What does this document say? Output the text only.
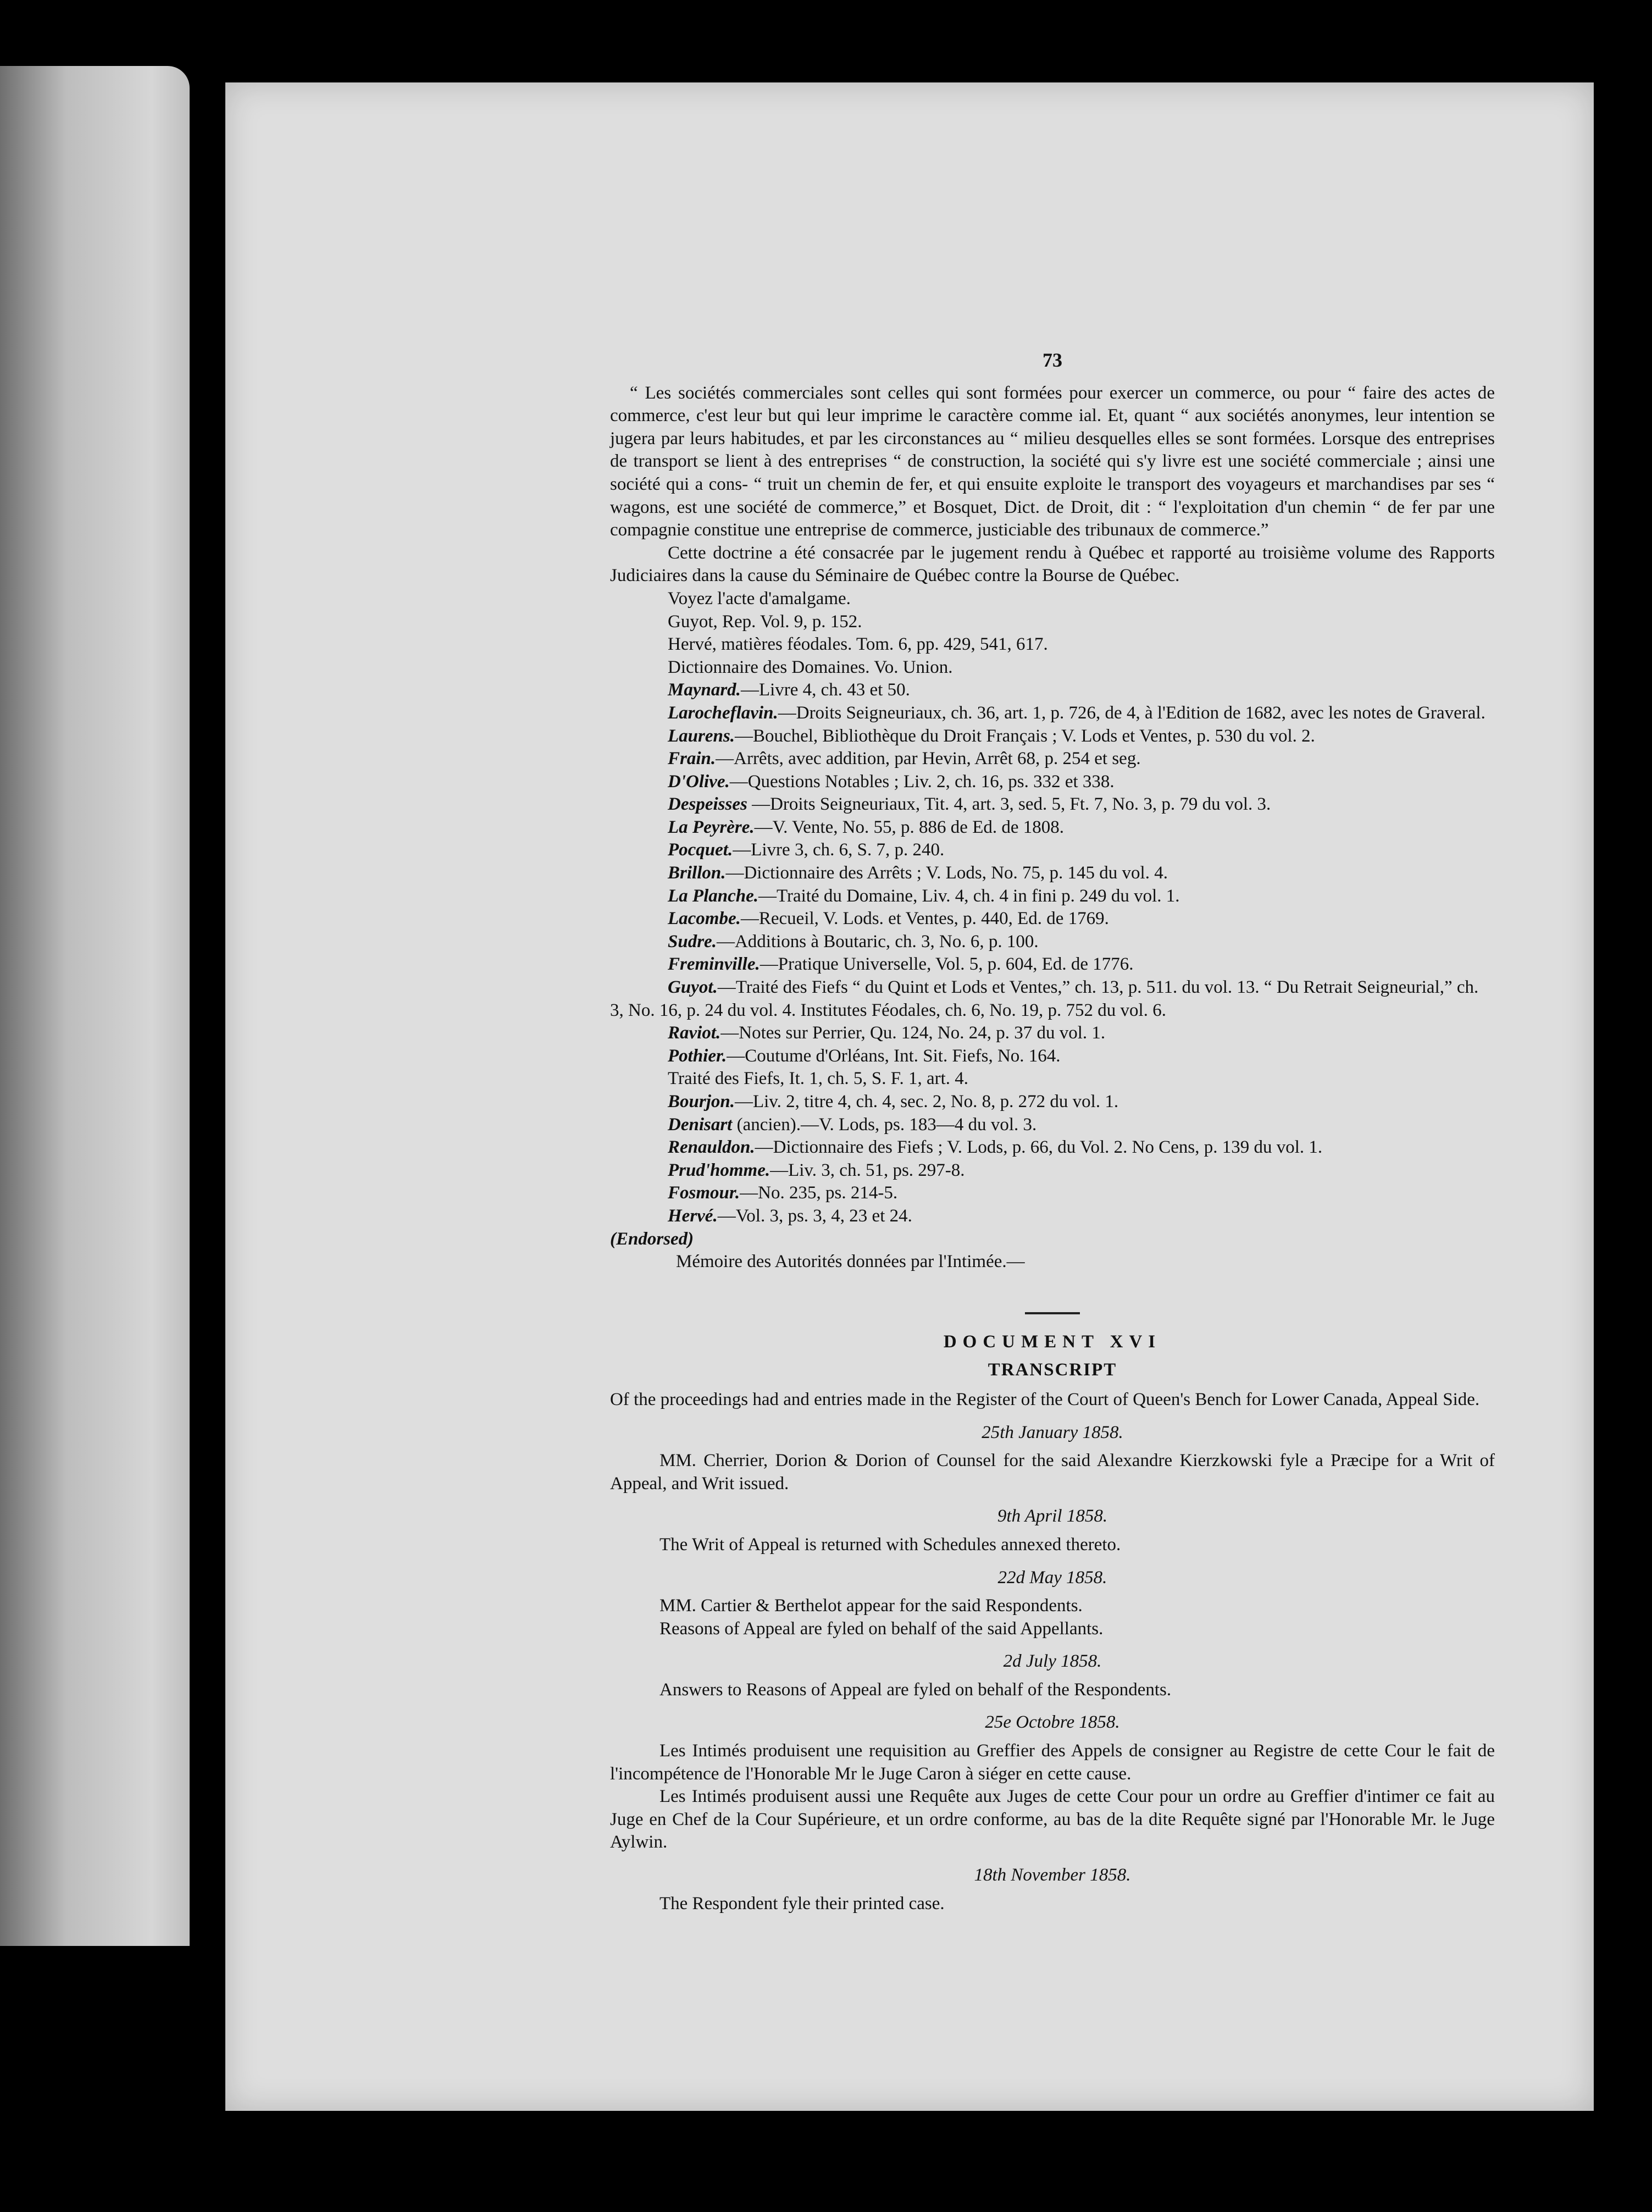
73

“ Les sociétés commerciales sont celles qui sont formées pour exercer un commerce, ou pour “ faire des actes de commerce, c'est leur but qui leur imprime le caractère comme ial. Et, quant “ aux sociétés anonymes, leur intention se jugera par leurs habitudes, et par les circonstances au “ milieu desquelles elles se sont formées. Lorsque des entreprises de transport se lient à des entreprises “ de construction, la société qui s'y livre est une société commerciale ; ainsi une société qui a cons- “ truit un chemin de fer, et qui ensuite exploite le transport des voyageurs et marchandises par ses “ wagons, est une société de commerce,” et Bosquet, Dict. de Droit, dit : “ l'exploitation d'un chemin “ de fer par une compagnie constitue une entreprise de commerce, justiciable des tribunaux de commerce.”

Cette doctrine a été consacrée par le jugement rendu à Québec et rapporté au troisième volume des Rapports Judiciaires dans la cause du Séminaire de Québec contre la Bourse de Québec.

Voyez l'acte d'amalgame.

Guyot, Rep. Vol. 9, p. 152.

Hervé, matières féodales. Tom. 6, pp. 429, 541, 617.

Dictionnaire des Domaines. Vo. Union.

Maynard.—Livre 4, ch. 43 et 50.

Larocheflavin.—Droits Seigneuriaux, ch. 36, art. 1, p. 726, de 4, à l'Edition de 1682, avec les notes de Graveral.

Laurens.—Bouchel, Bibliothèque du Droit Français ; V. Lods et Ventes, p. 530 du vol. 2.

Frain.—Arrêts, avec addition, par Hevin, Arrêt 68, p. 254 et seg.

D'Olive.—Questions Notables ; Liv. 2, ch. 16, ps. 332 et 338.

Despeisses —Droits Seigneuriaux, Tit. 4, art. 3, sed. 5, Ft. 7, No. 3, p. 79 du vol. 3.

La Peyrère.—V. Vente, No. 55, p. 886 de Ed. de 1808.

Pocquet.—Livre 3, ch. 6, S. 7, p. 240.

Brillon.—Dictionnaire des Arrêts ; V. Lods, No. 75, p. 145 du vol. 4.

La Planche.—Traité du Domaine, Liv. 4, ch. 4 in fini p. 249 du vol. 1.

Lacombe.—Recueil, V. Lods. et Ventes, p. 440, Ed. de 1769.

Sudre.—Additions à Boutaric, ch. 3, No. 6, p. 100.

Freminville.—Pratique Universelle, Vol. 5, p. 604, Ed. de 1776.

Guyot.—Traité des Fiefs “ du Quint et Lods et Ventes,” ch. 13, p. 511. du vol. 13. “ Du Retrait Seigneurial,” ch. 3, No. 16, p. 24 du vol. 4. Institutes Féodales, ch. 6, No. 19, p. 752 du vol. 6.

Raviot.—Notes sur Perrier, Qu. 124, No. 24, p. 37 du vol. 1.

Pothier.—Coutume d'Orléans, Int. Sit. Fiefs, No. 164.

Traité des Fiefs, It. 1, ch. 5, S. F. 1, art. 4.

Bourjon.—Liv. 2, titre 4, ch. 4, sec. 2, No. 8, p. 272 du vol. 1.

Denisart (ancien).—V. Lods, ps. 183—4 du vol. 3.

Renauldon.—Dictionnaire des Fiefs ; V. Lods, p. 66, du Vol. 2. No Cens, p. 139 du vol. 1.

Prud'homme.—Liv. 3, ch. 51, ps. 297-8.

Fosmour.—No. 235, ps. 214-5.

Hervé.—Vol. 3, ps. 3, 4, 23 et 24.

(Endorsed)

Mémoire des Autorités données par l'Intimée.—

DOCUMENT XVI
TRANSCRIPT

Of the proceedings had and entries made in the Register of the Court of Queen's Bench for Lower Canada, Appeal Side.

25th January 1858.

MM. Cherrier, Dorion & Dorion of Counsel for the said Alexandre Kierzkowski fyle a Præcipe for a Writ of Appeal, and Writ issued.

9th April 1858.

The Writ of Appeal is returned with Schedules annexed thereto.

22d May 1858.

MM. Cartier & Berthelot appear for the said Respondents.

Reasons of Appeal are fyled on behalf of the said Appellants.

2d July 1858.

Answers to Reasons of Appeal are fyled on behalf of the Respondents.

25e Octobre 1858.

Les Intimés produisent une requisition au Greffier des Appels de consigner au Registre de cette Cour le fait de l'incompétence de l'Honorable Mr le Juge Caron à siéger en cette cause.

Les Intimés produisent aussi une Requête aux Juges de cette Cour pour un ordre au Greffier d'intimer ce fait au Juge en Chef de la Cour Supérieure, et un ordre conforme, au bas de la dite Requête signé par l'Honorable Mr. le Juge Aylwin.

18th November 1858.

The Respondent fyle their printed case.
